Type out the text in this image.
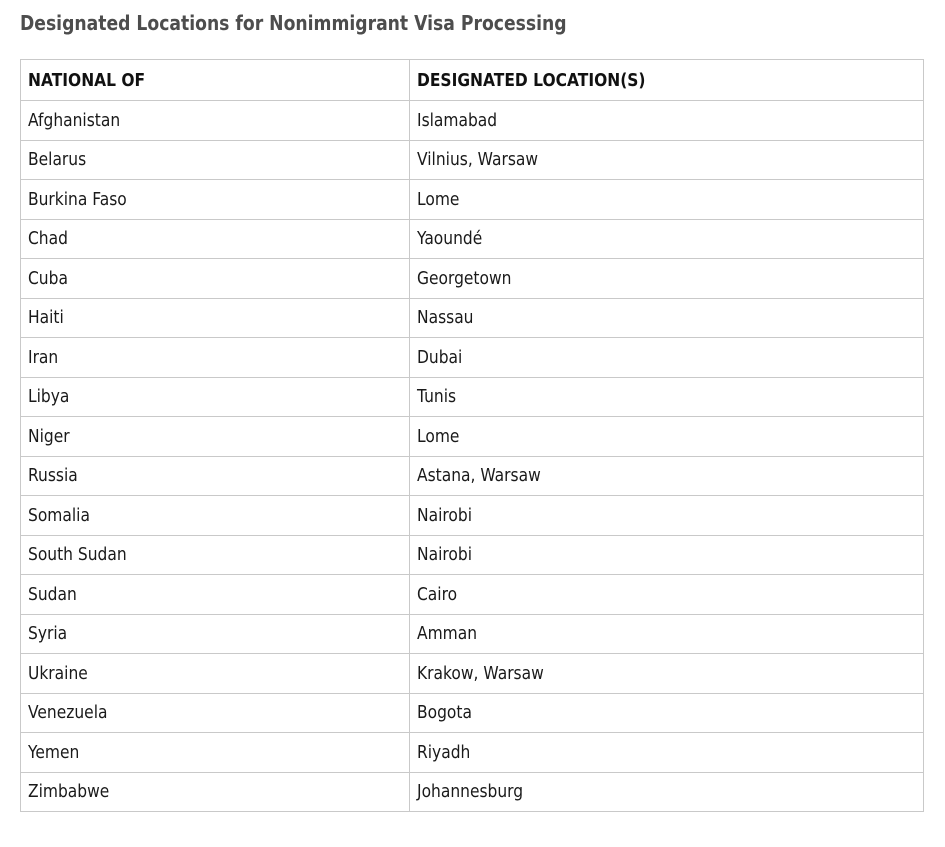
Designated Locations for Nonimmigrant Visa Processing
NATIONAL OF	DESIGNATED LOCATION(S)
Afghanistan	Islamabad
Belarus	Vilnius, Warsaw
Burkina Faso	Lome
Chad	Yaoundé
Cuba	Georgetown
Haiti	Nassau
Iran	Dubai
Libya	Tunis
Niger	Lome
Russia	Astana, Warsaw
Somalia	Nairobi
South Sudan	Nairobi
Sudan	Cairo
Syria	Amman
Ukraine	Krakow, Warsaw
Venezuela	Bogota
Yemen	Riyadh
Zimbabwe	Johannesburg
